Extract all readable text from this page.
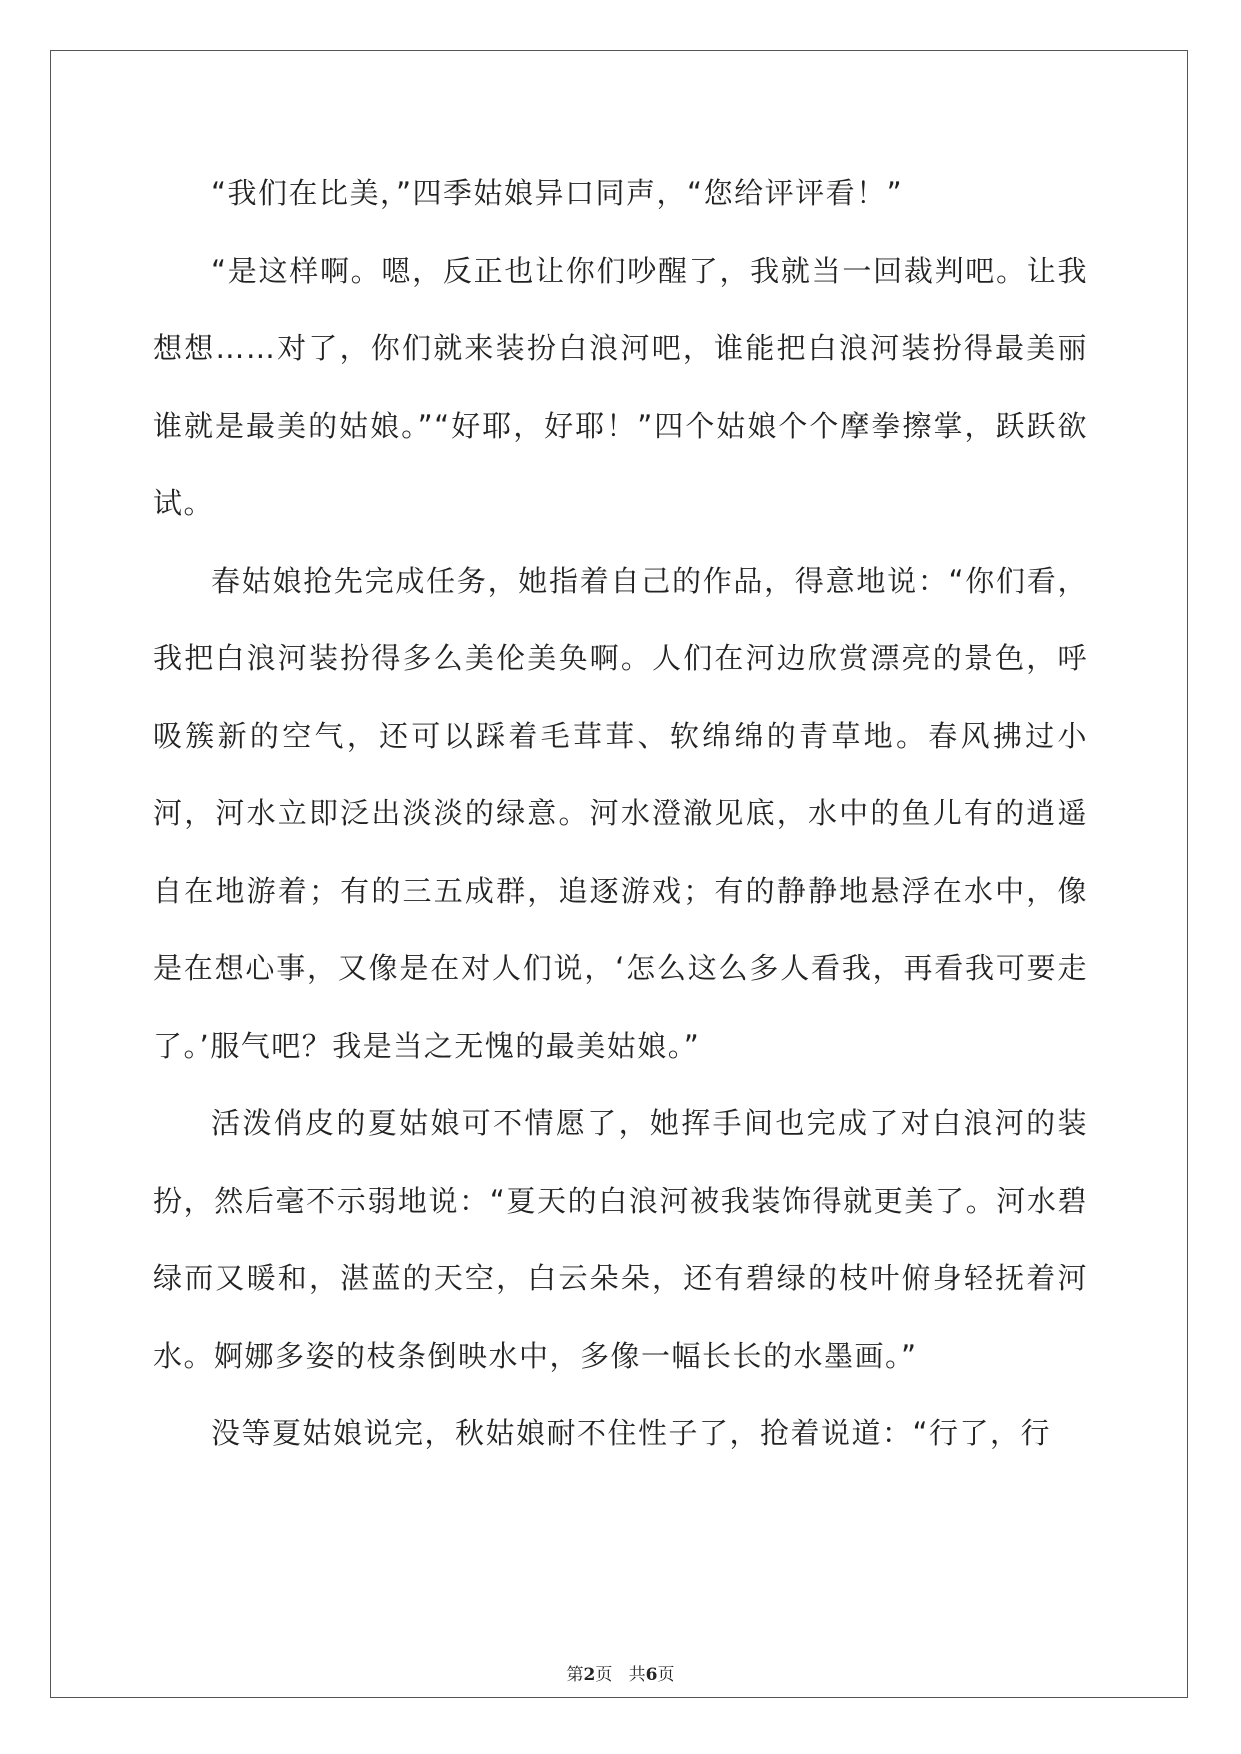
“我们在比美，”四季姑娘异口同声，“您给评评看！”

“是这样啊。嗯，反正也让你们吵醒了，我就当一回裁判吧。让我想想……对了，你们就来装扮白浪河吧，谁能把白浪河装扮得最美丽谁就是最美的姑娘。”“好耶，好耶！”四个姑娘个个摩拳擦掌，跃跃欲试。

春姑娘抢先完成任务，她指着自己的作品，得意地说：“你们看，我把白浪河装扮得多么美伦美奂啊。人们在河边欣赏漂亮的景色，呼吸簇新的空气，还可以踩着毛茸茸、软绵绵的青草地。春风拂过小河，河水立即泛出淡淡的绿意。河水澄澈见底，水中的鱼儿有的逍遥自在地游着；有的三五成群，追逐游戏；有的静静地悬浮在水中，像是在想心事，又像是在对人们说，‘怎么这么多人看我，再看我可要走了。’服气吧？我是当之无愧的最美姑娘。”

活泼俏皮的夏姑娘可不情愿了，她挥手间也完成了对白浪河的装扮，然后毫不示弱地说：“夏天的白浪河被我装饰得就更美了。河水碧绿而又暖和，湛蓝的天空，白云朵朵，还有碧绿的枝叶俯身轻抚着河水。婀娜多姿的枝条倒映水中，多像一幅长长的水墨画。”

没等夏姑娘说完，秋姑娘耐不住性子了，抢着说道：“行了，行

第2页 共6页
